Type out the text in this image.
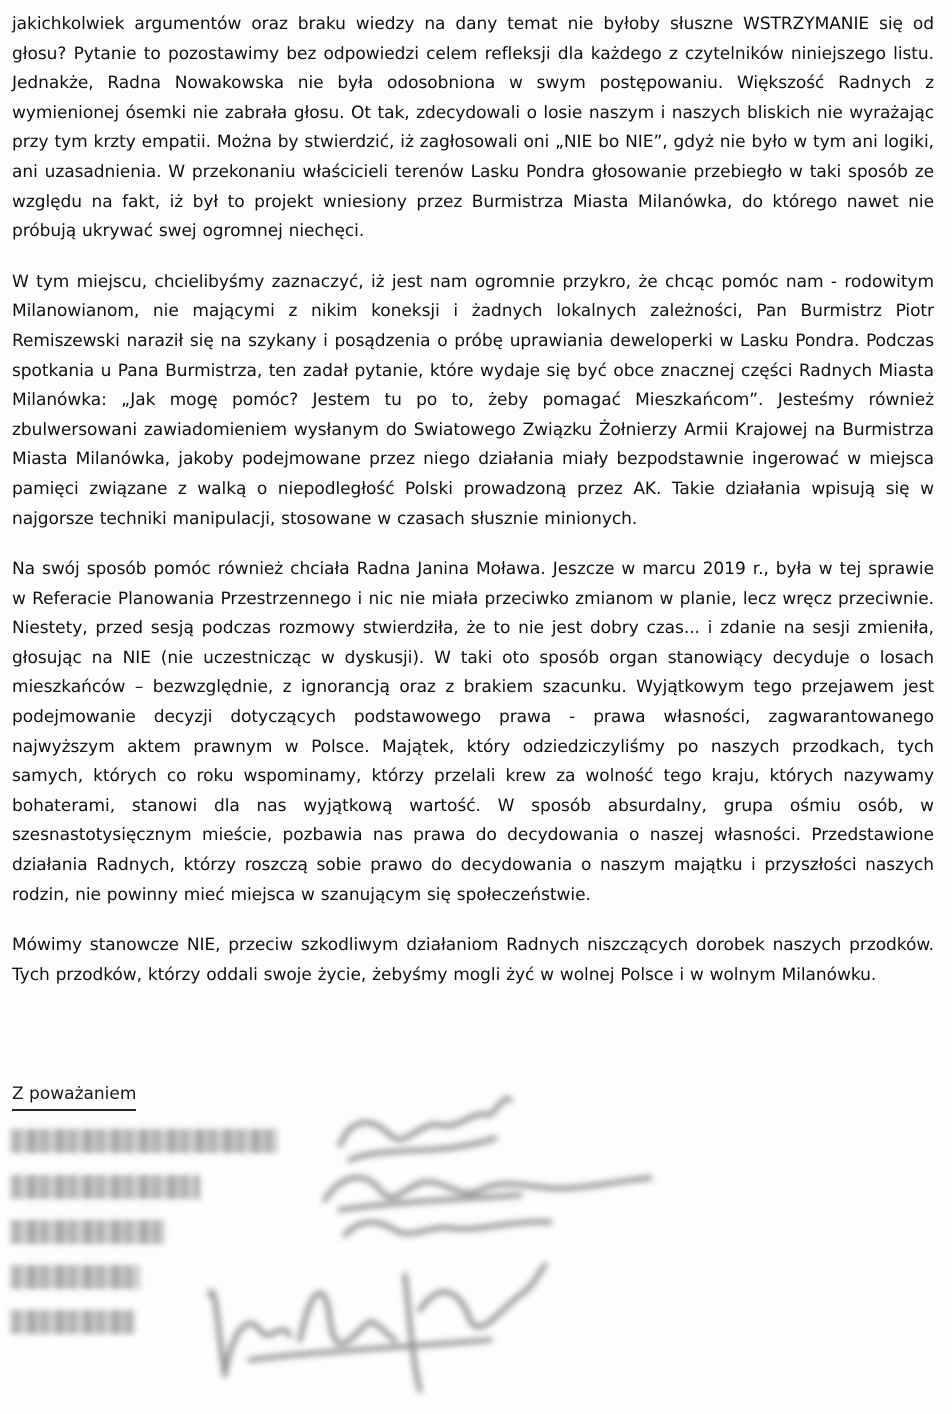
jakichkolwiek argumentów oraz braku wiedzy na dany temat nie byłoby słuszne WSTRZYMANIE się od głosu? Pytanie to pozostawimy bez odpowiedzi celem refleksji dla każdego z czytelników niniejszego listu. Jednakże, Radna Nowakowska nie była odosobniona w swym postępowaniu. Większość Radnych z wymienionej ósemki nie zabrała głosu. Ot tak, zdecydowali o losie naszym i naszych bliskich nie wyrażając przy tym krzty empatii. Można by stwierdzić, iż zagłosowali oni „NIE bo NIE”, gdyż nie było w tym ani logiki, ani uzasadnienia. W przekonaniu właścicieli terenów Lasku Pondra głosowanie przebiegło w taki sposób ze względu na fakt, iż był to projekt wniesiony przez Burmistrza Miasta Milanówka, do którego nawet nie próbują ukrywać swej ogromnej niechęci.

W tym miejscu, chcielibyśmy zaznaczyć, iż jest nam ogromnie przykro, że chcąc pomóc nam - rodowitym Milanowianom, nie mającymi z nikim koneksji i żadnych lokalnych zależności, Pan Burmistrz Piotr Remiszewski naraził się na szykany i posądzenia o próbę uprawiania deweloperki w Lasku Pondra. Podczas spotkania u Pana Burmistrza, ten zadał pytanie, które wydaje się być obce znacznej części Radnych Miasta Milanówka: „Jak mogę pomóc? Jestem tu po to, żeby pomagać Mieszkańcom”. Jesteśmy również zbulwersowani zawiadomieniem wysłanym do Swiatowego Związku Żołnierzy Armii Krajowej na Burmistrza Miasta Milanówka, jakoby podejmowane przez niego działania miały bezpodstawnie ingerować w miejsca pamięci związane z walką o niepodległość Polski prowadzoną przez AK. Takie działania wpisują się w najgorsze techniki manipulacji, stosowane w czasach słusznie minionych.

Na swój sposób pomóc również chciała Radna Janina Moława. Jeszcze w marcu 2019 r., była w tej sprawie w Referacie Planowania Przestrzennego i nic nie miała przeciwko zmianom w planie, lecz wręcz przeciwnie. Niestety, przed sesją podczas rozmowy stwierdziła, że to nie jest dobry czas... i zdanie na sesji zmieniła, głosując na NIE (nie uczestnicząc w dyskusji). W taki oto sposób organ stanowiący decyduje o losach mieszkańców – bezwzględnie, z ignorancją oraz z brakiem szacunku. Wyjątkowym tego przejawem jest podejmowanie decyzji dotyczących podstawowego prawa - prawa własności, zagwarantowanego najwyższym aktem prawnym w Polsce. Majątek, który odziedziczyliśmy po naszych przodkach, tych samych, których co roku wspominamy, którzy przelali krew za wolność tego kraju, których nazywamy bohaterami, stanowi dla nas wyjątkową wartość. W sposób absurdalny, grupa ośmiu osób, w szesnastotysięcznym mieście, pozbawia nas prawa do decydowania o naszej własności. Przedstawione działania Radnych, którzy roszczą sobie prawo do decydowania o naszym majątku i przyszłości naszych rodzin, nie powinny mieć miejsca w szanującym się społeczeństwie.

Mówimy stanowcze NIE, przeciw szkodliwym działaniom Radnych niszczących dorobek naszych przodków. Tych przodków, którzy oddali swoje życie, żebyśmy mogli żyć w wolnej Polsce i w wolnym Milanówku.

Z poważaniem
